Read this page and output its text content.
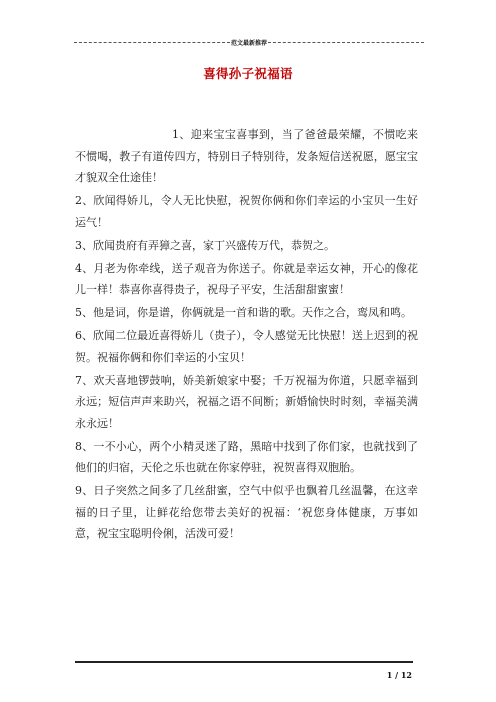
范文最新推荐
喜得孙子祝福语

1、迎来宝宝喜事到，当了爸爸最荣耀，不惯吃来不惯喝，教子有道传四方，特别日子特别待，发条短信送祝愿，愿宝宝才貌双全仕途佳！

2、欣闻得娇儿，令人无比快慰，祝贺你俩和你们幸运的小宝贝一生好运气！

3、欣闻贵府有弄獐之喜，家丁兴盛传万代，恭贺之。

4、月老为你牵线，送子观音为你送子。你就是幸运女神，开心的像花儿一样！恭喜你喜得贵子，祝母子平安，生活甜甜蜜蜜！

5、他是词，你是谱，你俩就是一首和谐的歌。天作之合，鸾凤和鸣。

6、欣闻二位最近喜得娇儿（贵子），令人感觉无比快慰！送上迟到的祝贺。祝福你俩和你们幸运的小宝贝！

7、欢天喜地锣鼓响，娇美新娘家中娶；千万祝福为你道，只愿幸福到永远；短信声声来助兴，祝福之语不间断；新婚愉快时时刻，幸福美满永永远！

8、一不小心，两个小精灵迷了路，黑暗中找到了你们家，也就找到了他们的归宿，天伦之乐也就在你家停驻，祝贺喜得双胞胎。

9、日子突然之间多了几丝甜蜜，空气中似乎也飘着几丝温馨，在这幸福的日子里，让鲜花给您带去美好的祝福：‘祝您身体健康，万事如意，祝宝宝聪明伶俐，活泼可爱！

1 / 12
